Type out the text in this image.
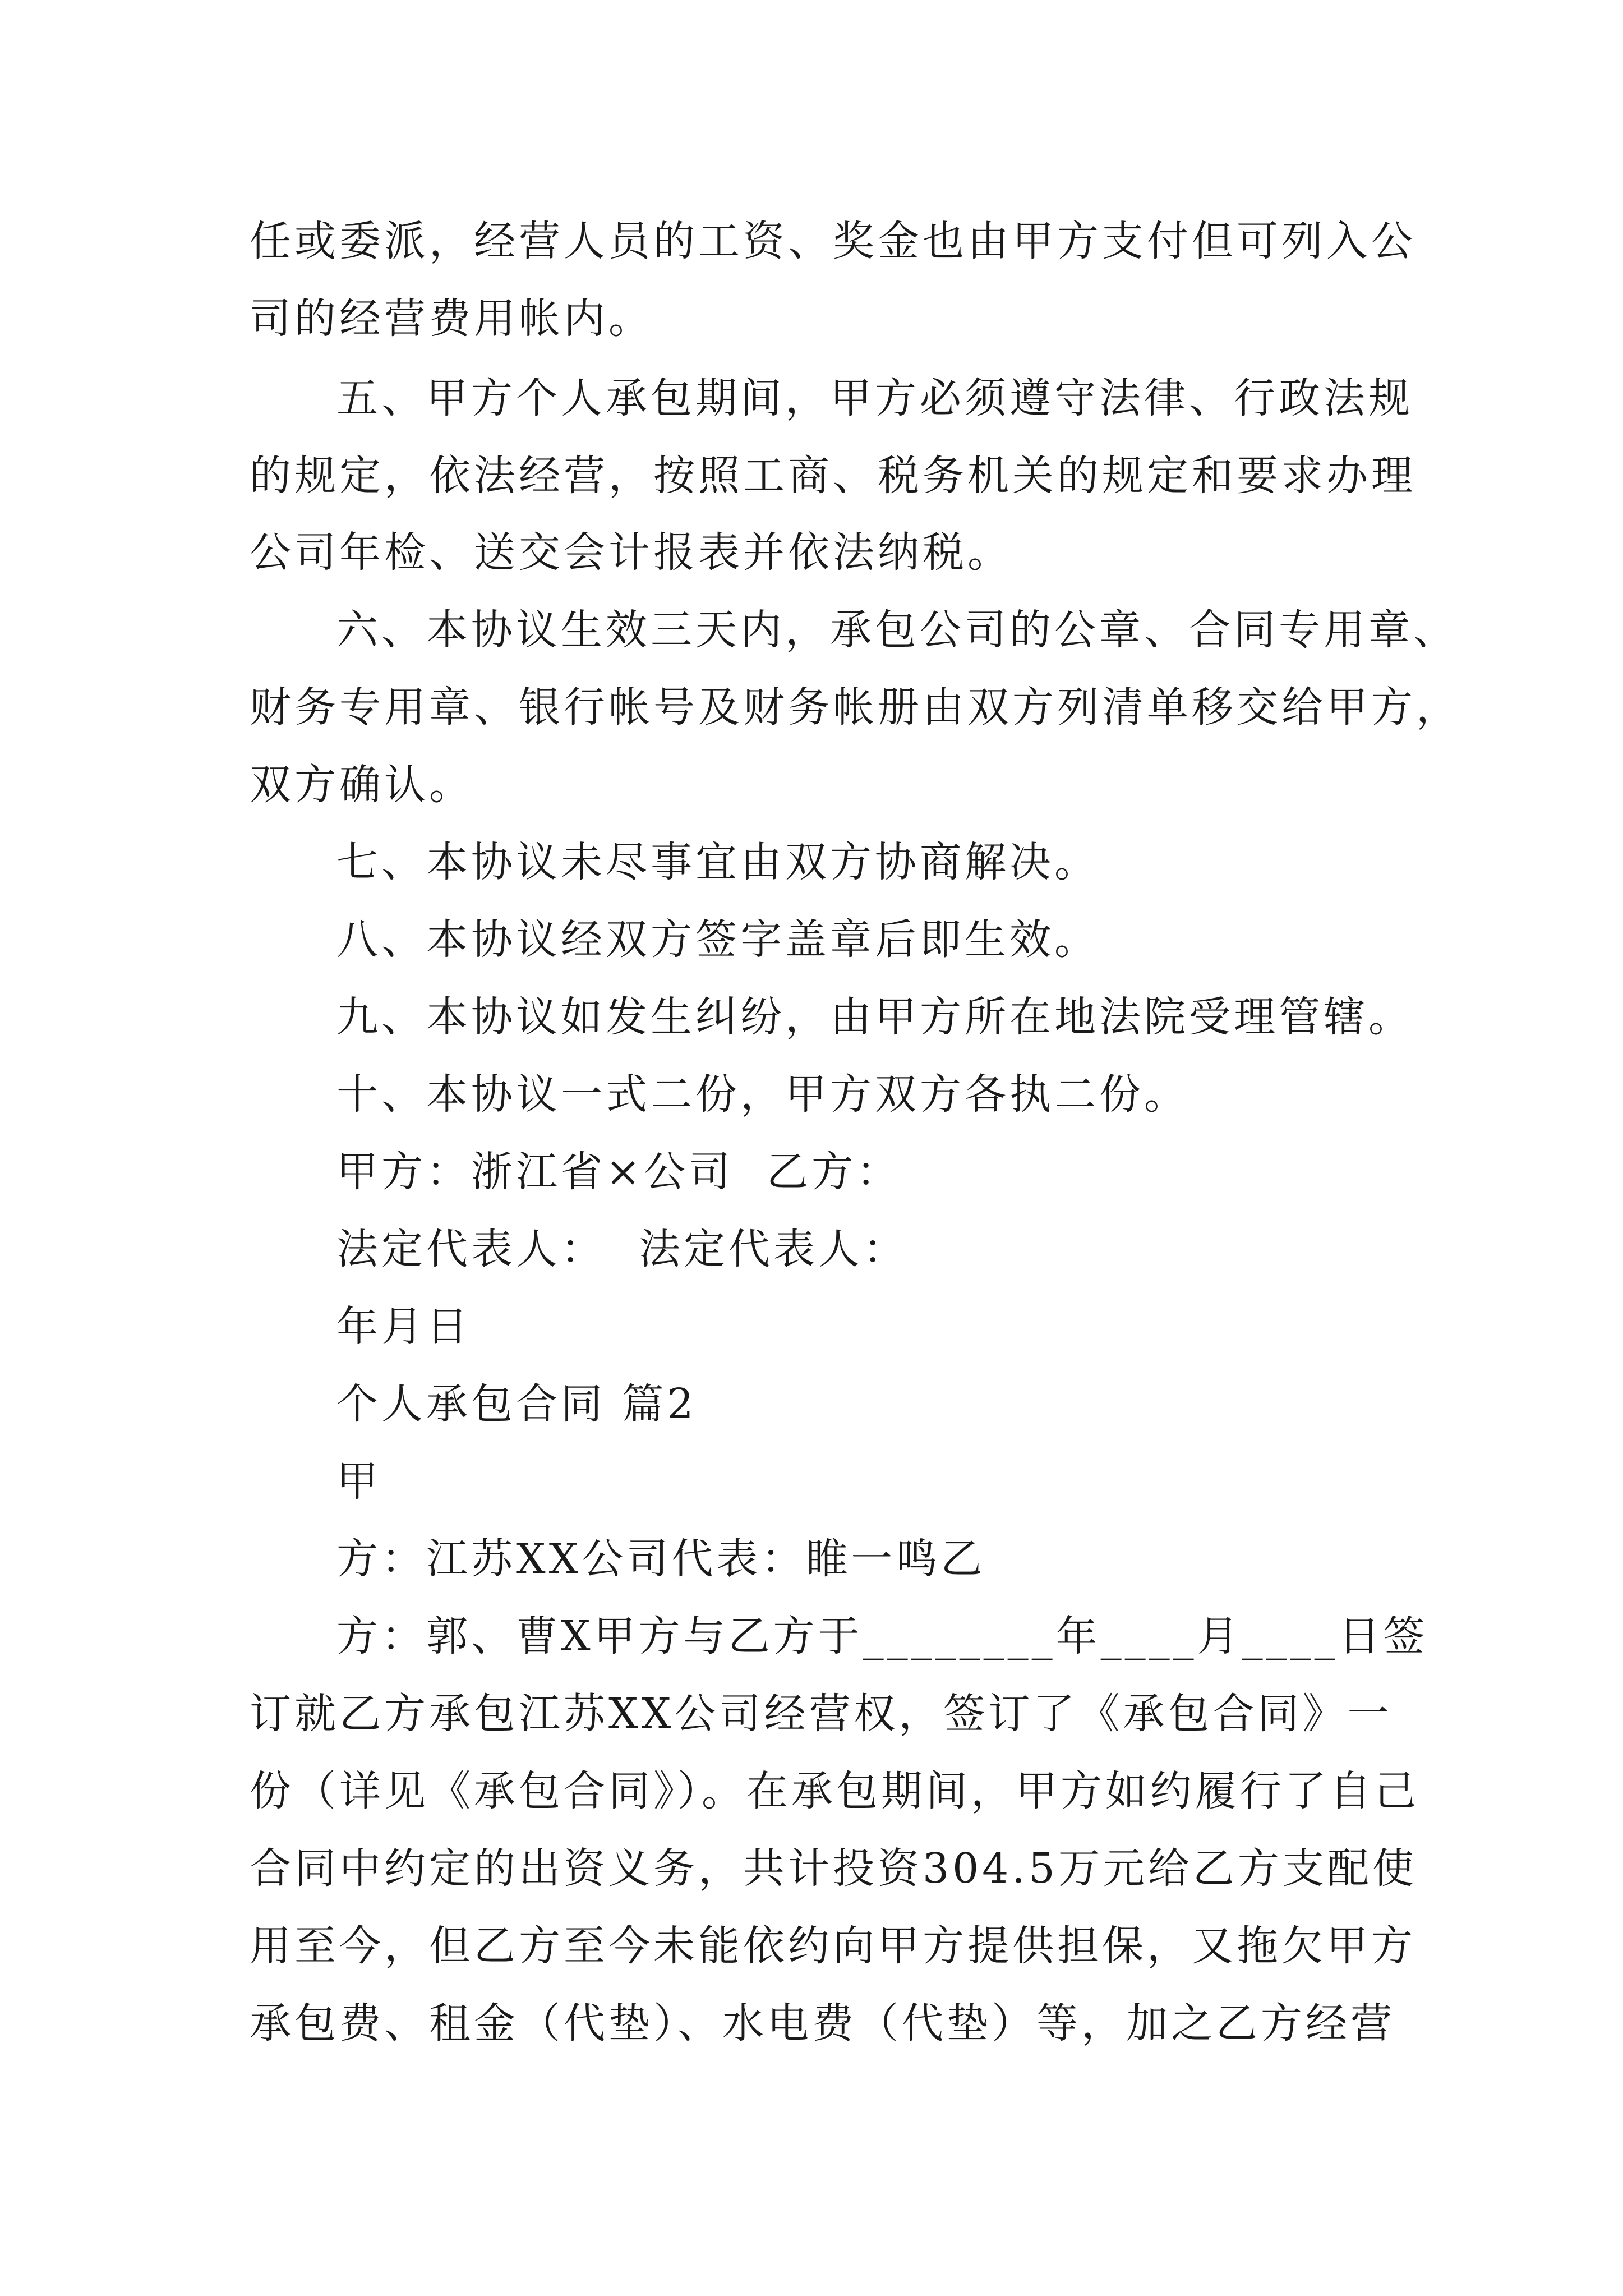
任或委派，经营人员的工资、奖金也由甲方支付但可列入公
司的经营费用帐内。
五、甲方个人承包期间，甲方必须遵守法律、行政法规
的规定，依法经营，按照工商、税务机关的规定和要求办理
公司年检、送交会计报表并依法纳税。
六、本协议生效三天内，承包公司的公章、合同专用章、
财务专用章、银行帐号及财务帐册由双方列清单移交给甲方，
双方确认。
七、本协议未尽事宜由双方协商解决。
八、本协议经双方签字盖章后即生效。
九、本协议如发生纠纷，由甲方所在地法院受理管辖。
十、本协议一式二份，甲方双方各执二份。
甲方：浙江省×公司  乙方：
法定代表人：  法定代表人：
年月日
个人承包合同 篇2
甲
方：江苏XX公司代表：睢一鸣乙
方：郭、曹X甲方与乙方于________年____月____日签
订就乙方承包江苏XX公司经营权，签订了《承包合同》一
份（详见《承包合同》）。在承包期间，甲方如约履行了自己
合同中约定的出资义务，共计投资304.5万元给乙方支配使
用至今，但乙方至今未能依约向甲方提供担保，又拖欠甲方
承包费、租金（代垫）、水电费（代垫）等，加之乙方经营
